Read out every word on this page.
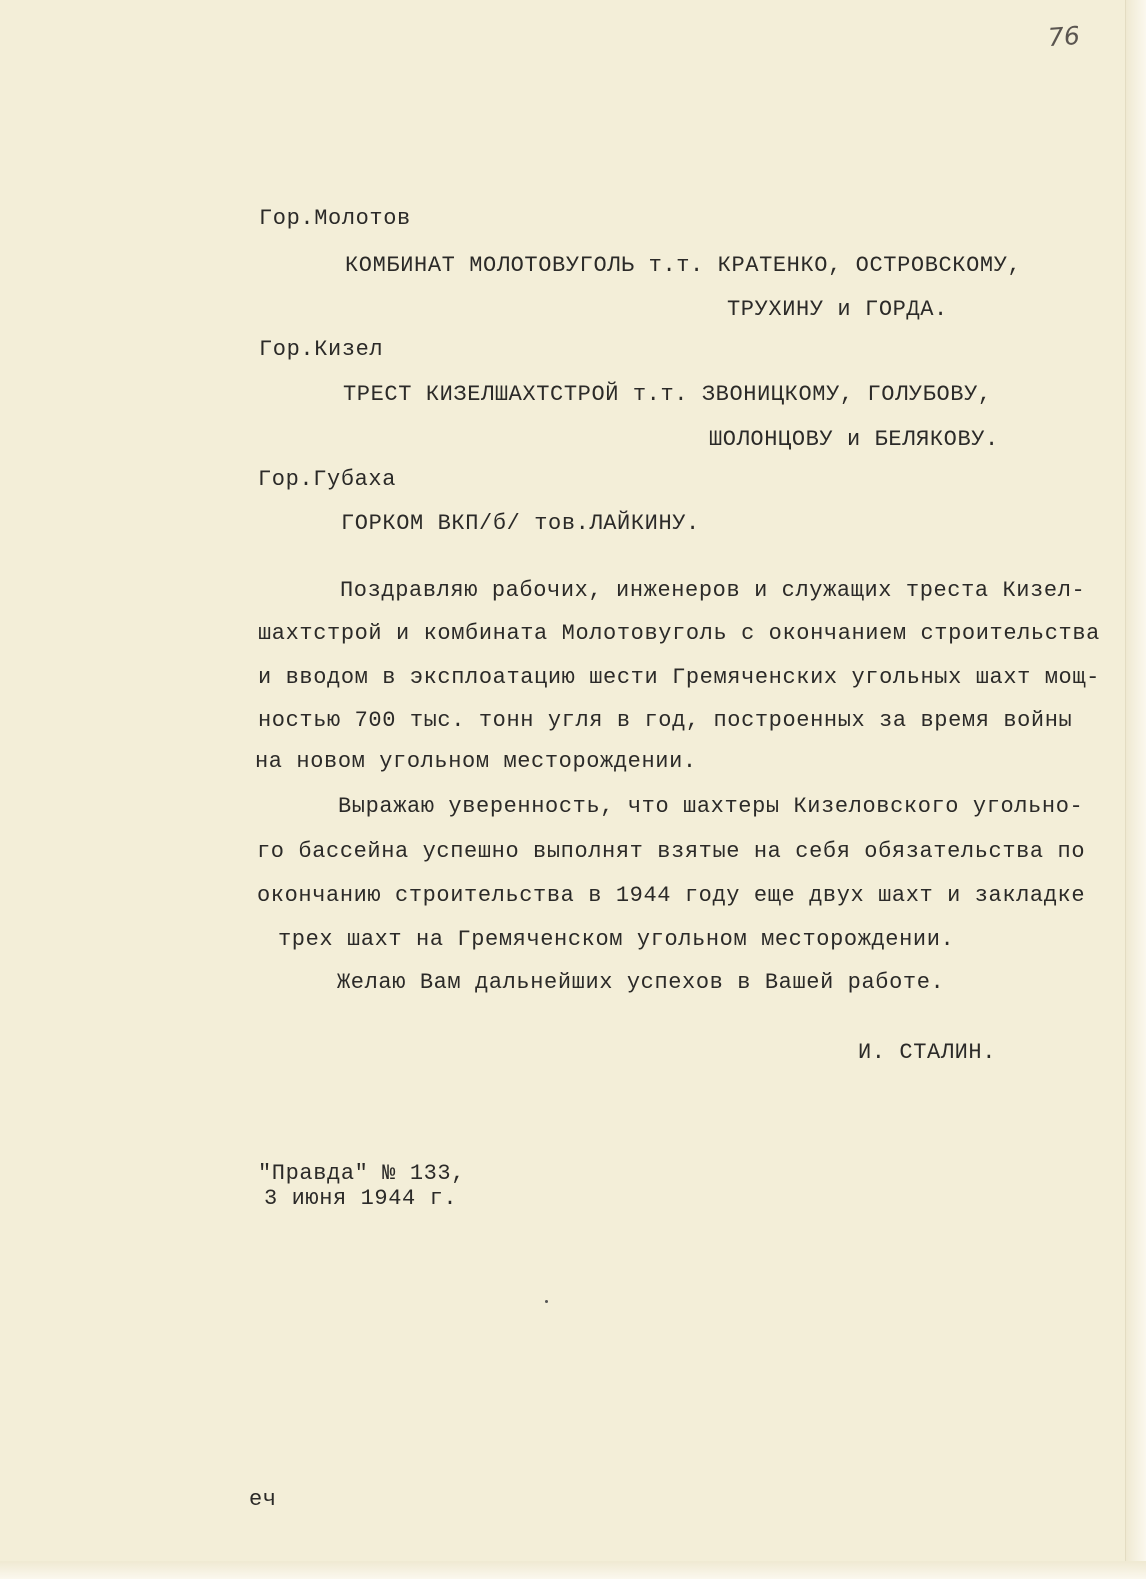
76
Гор.Молотов
КОМБИНАТ МОЛОТОВУГОЛЬ т.т. КРАТЕНКО, ОСТРОВСКОМУ,
ТРУХИНУ и ГОРДА.
Гор.Кизел
ТРЕСТ КИЗЕЛШАХТСТРОЙ т.т. ЗВОНИЦКОМУ, ГОЛУБОВУ,
ШОЛОНЦОВУ и БЕЛЯКОВУ.
Гор.Губаха
ГОРКОМ ВКП/б/ тов.ЛАЙКИНУ.
Поздравляю рабочих, инженеров и служащих треста Кизел-
шахтстрой и комбината Молотовуголь с окончанием строительства
и вводом в эксплоатацию шести Гремяченских угольных шахт мощ-
ностью 700 тыс. тонн угля в год, построенных за время войны
на новом угольном месторождении.
Выражаю уверенность, что шахтеры Кизеловского угольно-
го бассейна успешно выполнят взятые на себя обязательства по
окончанию строительства в 1944 году еще двух шахт и закладке
трех шахт на Гремяченском угольном месторождении.
Желаю Вам дальнейших успехов в Вашей работе.
И. СТАЛИН.
"Правда" № 133,
3 июня 1944 г.
еч
